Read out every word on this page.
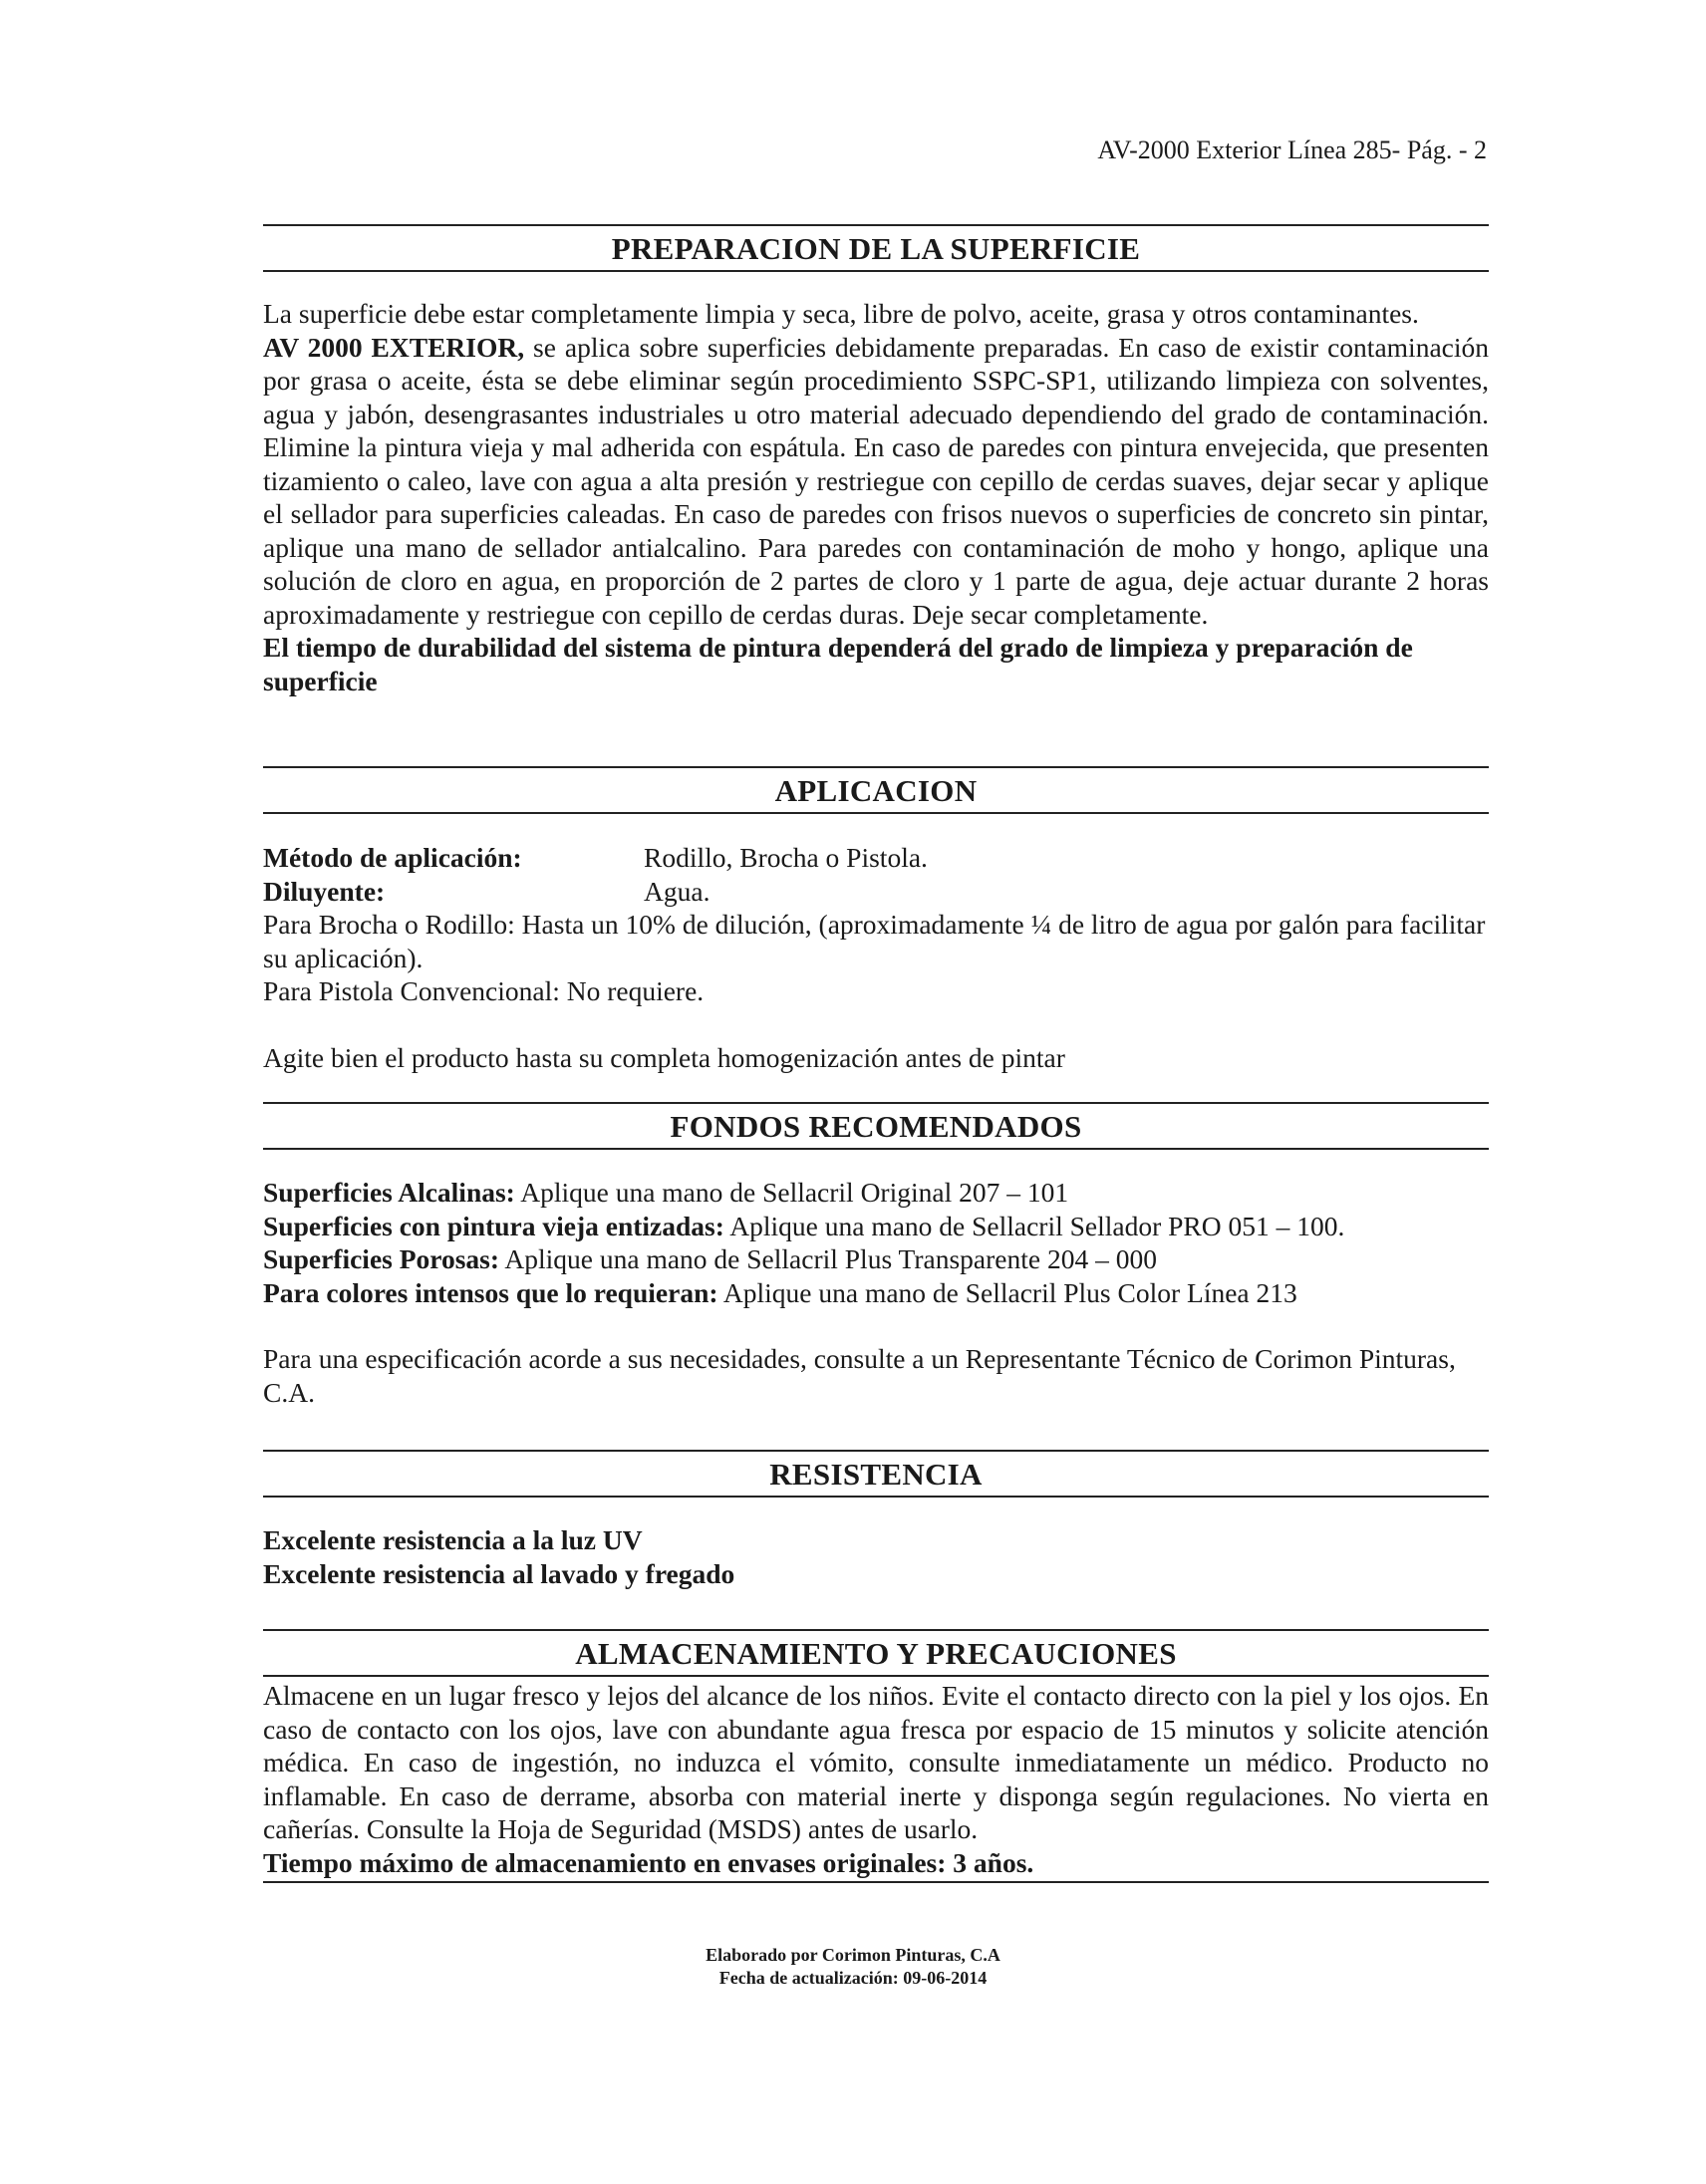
AV-2000 Exterior Línea 285- Pág. - 2
PREPARACION DE LA SUPERFICIE

La superficie debe estar completamente limpia y seca, libre de polvo, aceite, grasa y otros contaminantes.

AV 2000 EXTERIOR, se aplica sobre superficies debidamente preparadas. En caso de existir contaminación por grasa o aceite, ésta se debe eliminar según procedimiento SSPC-SP1, utilizando limpieza con solventes, agua y jabón, desengrasantes industriales u otro material adecuado dependiendo del grado de contaminación. Elimine la pintura vieja y mal adherida con espátula. En caso de paredes con pintura envejecida, que presenten tizamiento o caleo, lave con agua a alta presión y restriegue con cepillo de cerdas suaves, dejar secar y aplique el sellador para superficies caleadas. En caso de paredes con frisos nuevos o superficies de concreto sin pintar, aplique una mano de sellador antialcalino. Para paredes con contaminación de moho y hongo, aplique una solución de cloro en agua, en proporción de 2 partes de cloro y 1 parte de agua, deje actuar durante 2 horas aproximadamente y restriegue con cepillo de cerdas duras. Deje secar completamente.

El tiempo de durabilidad del sistema de pintura dependerá del grado de limpieza y preparación de superficie

APLICACION
Método de aplicación:	Rodillo, Brocha o Pistola.
Diluyente:	Agua.

Para Brocha o Rodillo: Hasta un 10% de dilución, (aproximadamente ¼ de litro de agua por galón para facilitar su aplicación).

Para Pistola Convencional: No requiere.

Agite bien el producto hasta su completa homogenización antes de pintar

FONDOS RECOMENDADOS

Superficies Alcalinas: Aplique una mano de Sellacril Original 207 – 101

Superficies con pintura vieja entizadas: Aplique una mano de Sellacril Sellador PRO 051 – 100.

Superficies Porosas: Aplique una mano de Sellacril Plus Transparente 204 – 000

Para colores intensos que lo requieran: Aplique una mano de Sellacril Plus Color Línea 213

Para una especificación acorde a sus necesidades, consulte a un Representante Técnico de Corimon Pinturas, C.A.

RESISTENCIA

Excelente resistencia a la luz UV

Excelente resistencia al lavado y fregado

ALMACENAMIENTO Y PRECAUCIONES

Almacene en un lugar fresco y lejos del alcance de los niños. Evite el contacto directo con la piel y los ojos. En caso de contacto con los ojos, lave con abundante agua fresca por espacio de 15 minutos y solicite atención médica. En caso de ingestión, no induzca el vómito, consulte inmediatamente un médico. Producto no inflamable. En caso de derrame, absorba con material inerte y disponga según regulaciones. No vierta en cañerías. Consulte la Hoja de Seguridad (MSDS) antes de usarlo.

Tiempo máximo de almacenamiento en envases originales: 3 años.

Elaborado por Corimon Pinturas, C.A
Fecha de actualización: 09-06-2014
